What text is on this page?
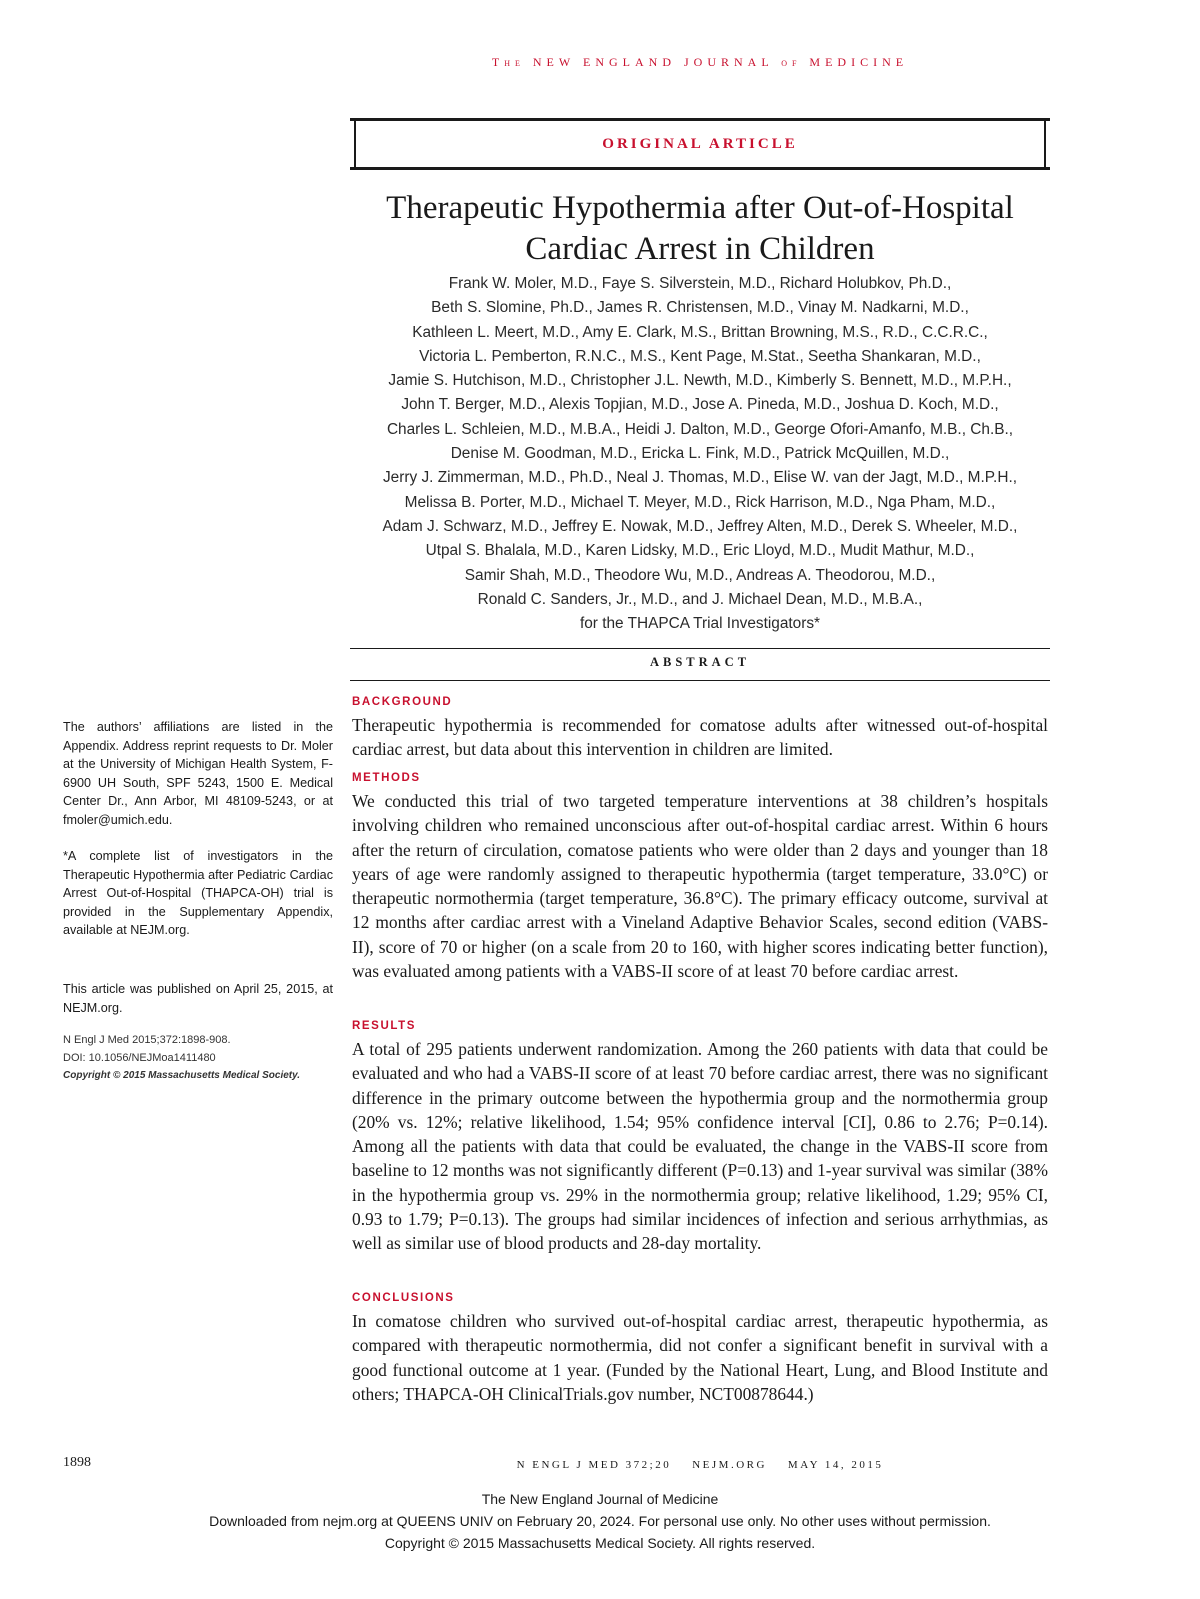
The NEW ENGLAND JOURNAL of MEDICINE
ORIGINAL ARTICLE
Therapeutic Hypothermia after Out-of-Hospital Cardiac Arrest in Children
Frank W. Moler, M.D., Faye S. Silverstein, M.D., Richard Holubkov, Ph.D.,
Beth S. Slomine, Ph.D., James R. Christensen, M.D., Vinay M. Nadkarni, M.D.,
Kathleen L. Meert, M.D., Amy E. Clark, M.S., Brittan Browning, M.S., R.D., C.C.R.C.,
Victoria L. Pemberton, R.N.C., M.S., Kent Page, M.Stat., Seetha Shankaran, M.D.,
Jamie S. Hutchison, M.D., Christopher J.L. Newth, M.D., Kimberly S. Bennett, M.D., M.P.H.,
John T. Berger, M.D., Alexis Topjian, M.D., Jose A. Pineda, M.D., Joshua D. Koch, M.D.,
Charles L. Schleien, M.D., M.B.A., Heidi J. Dalton, M.D., George Ofori-Amanfo, M.B., Ch.B.,
Denise M. Goodman, M.D., Ericka L. Fink, M.D., Patrick McQuillen, M.D.,
Jerry J. Zimmerman, M.D., Ph.D., Neal J. Thomas, M.D., Elise W. van der Jagt, M.D., M.P.H.,
Melissa B. Porter, M.D., Michael T. Meyer, M.D., Rick Harrison, M.D., Nga Pham, M.D.,
Adam J. Schwarz, M.D., Jeffrey E. Nowak, M.D., Jeffrey Alten, M.D., Derek S. Wheeler, M.D.,
Utpal S. Bhalala, M.D., Karen Lidsky, M.D., Eric Lloyd, M.D., Mudit Mathur, M.D.,
Samir Shah, M.D., Theodore Wu, M.D., Andreas A. Theodorou, M.D.,
Ronald C. Sanders, Jr., M.D., and J. Michael Dean, M.D., M.B.A.,
for the THAPCA Trial Investigators*
ABSTRACT
BACKGROUND
Therapeutic hypothermia is recommended for comatose adults after witnessed out-of-hospital cardiac arrest, but data about this intervention in children are limited.
METHODS
We conducted this trial of two targeted temperature interventions at 38 children’s hospitals involving children who remained unconscious after out-of-hospital cardiac arrest. Within 6 hours after the return of circulation, comatose patients who were older than 2 days and younger than 18 years of age were randomly assigned to therapeutic hypothermia (target temperature, 33.0°C) or therapeutic normothermia (target temperature, 36.8°C). The primary efficacy outcome, survival at 12 months after cardiac arrest with a Vineland Adaptive Behavior Scales, second edition (VABS-II), score of 70 or higher (on a scale from 20 to 160, with higher scores indicating better function), was evaluated among patients with a VABS-II score of at least 70 before cardiac arrest.
RESULTS
A total of 295 patients underwent randomization. Among the 260 patients with data that could be evaluated and who had a VABS-II score of at least 70 before cardiac arrest, there was no significant difference in the primary outcome between the hypothermia group and the normothermia group (20% vs. 12%; relative likelihood, 1.54; 95% confidence interval [CI], 0.86 to 2.76; P=0.14). Among all the patients with data that could be evaluated, the change in the VABS-II score from baseline to 12 months was not significantly different (P=0.13) and 1-year survival was similar (38% in the hypothermia group vs. 29% in the normothermia group; relative likelihood, 1.29; 95% CI, 0.93 to 1.79; P=0.13). The groups had similar incidences of infection and serious arrhythmias, as well as similar use of blood products and 28-day mortality.
CONCLUSIONS
In comatose children who survived out-of-hospital cardiac arrest, therapeutic hypothermia, as compared with therapeutic normothermia, did not confer a significant benefit in survival with a good functional outcome at 1 year. (Funded by the National Heart, Lung, and Blood Institute and others; THAPCA-OH ClinicalTrials.gov number, NCT00878644.)
The authors’ affiliations are listed in the Appendix. Address reprint requests to Dr. Moler at the University of Michigan Health System, F-6900 UH South, SPF 5243, 1500 E. Medical Center Dr., Ann Arbor, MI 48109-5243, or at fmoler@umich.edu.
*A complete list of investigators in the Therapeutic Hypothermia after Pediatric Cardiac Arrest Out-of-Hospital (THAPCA-OH) trial is provided in the Supplementary Appendix, available at NEJM.org.
This article was published on April 25, 2015, at NEJM.org.
N Engl J Med 2015;372:1898-908.
DOI: 10.1056/NEJMoa1411480
Copyright © 2015 Massachusetts Medical Society.
1898	N ENGL J MED 372;20    NEJM.ORG    MAY 14, 2015
The New England Journal of Medicine
Downloaded from nejm.org at QUEENS UNIV on February 20, 2024. For personal use only. No other uses without permission.
Copyright © 2015 Massachusetts Medical Society. All rights reserved.
